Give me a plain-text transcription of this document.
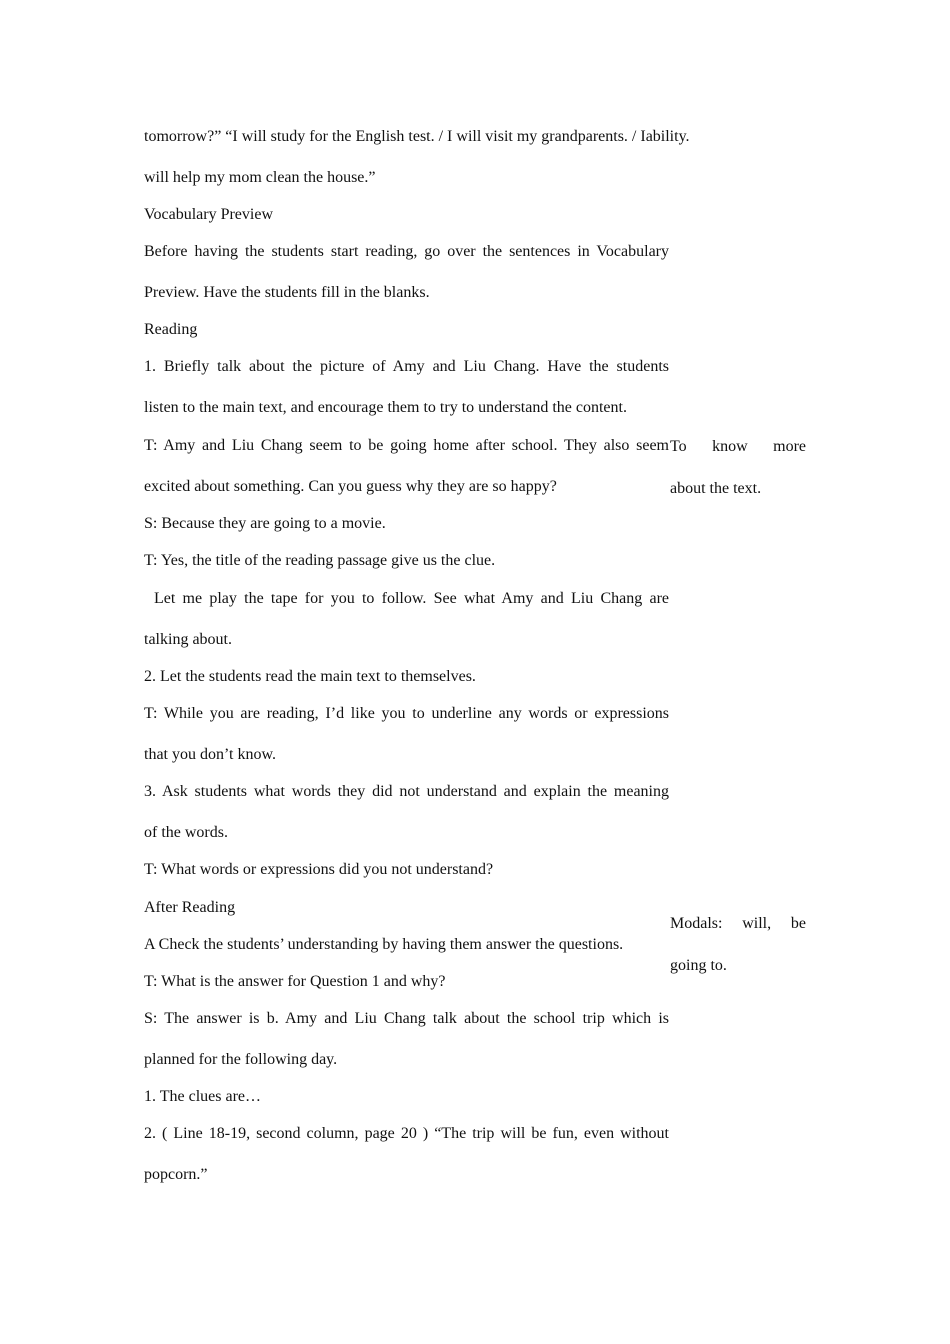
tomorrow?” “I will study for the English test. / I will visit my grandparents. / Iability.
will help my mom clean the house.”
Vocabulary Preview
Before having the students start reading, go over the sentences in Vocabulary
Preview. Have the students fill in the blanks.
Reading
1. Briefly talk about the picture of Amy and Liu Chang. Have the students
listen to the main text, and encourage them to try to understand the content.
T: Amy and Liu Chang seem to be going home after school. They also seem
excited about something. Can you guess why they are so happy?
S: Because they are going to a movie.
T: Yes, the title of the reading passage give us the clue.
Let me play the tape for you to follow. See what Amy and Liu Chang are
talking about.
2. Let the students read the main text to themselves.
T: While you are reading, I’d like you to underline any words or expressions
that you don’t know.
3. Ask students what words they did not understand and explain the meaning
of the words.
T: What words or expressions did you not understand?
After Reading
A Check the students’ understanding by having them answer the questions.
T: What is the answer for Question 1 and why?
S: The answer is b. Amy and Liu Chang talk about the school trip which is
planned for the following day.
1. The clues are…
2. ( Line 18-19, second column, page 20 ) “The trip will be fun, even without
popcorn.”
To know more
about the text.
Modals: will, be
going to.
